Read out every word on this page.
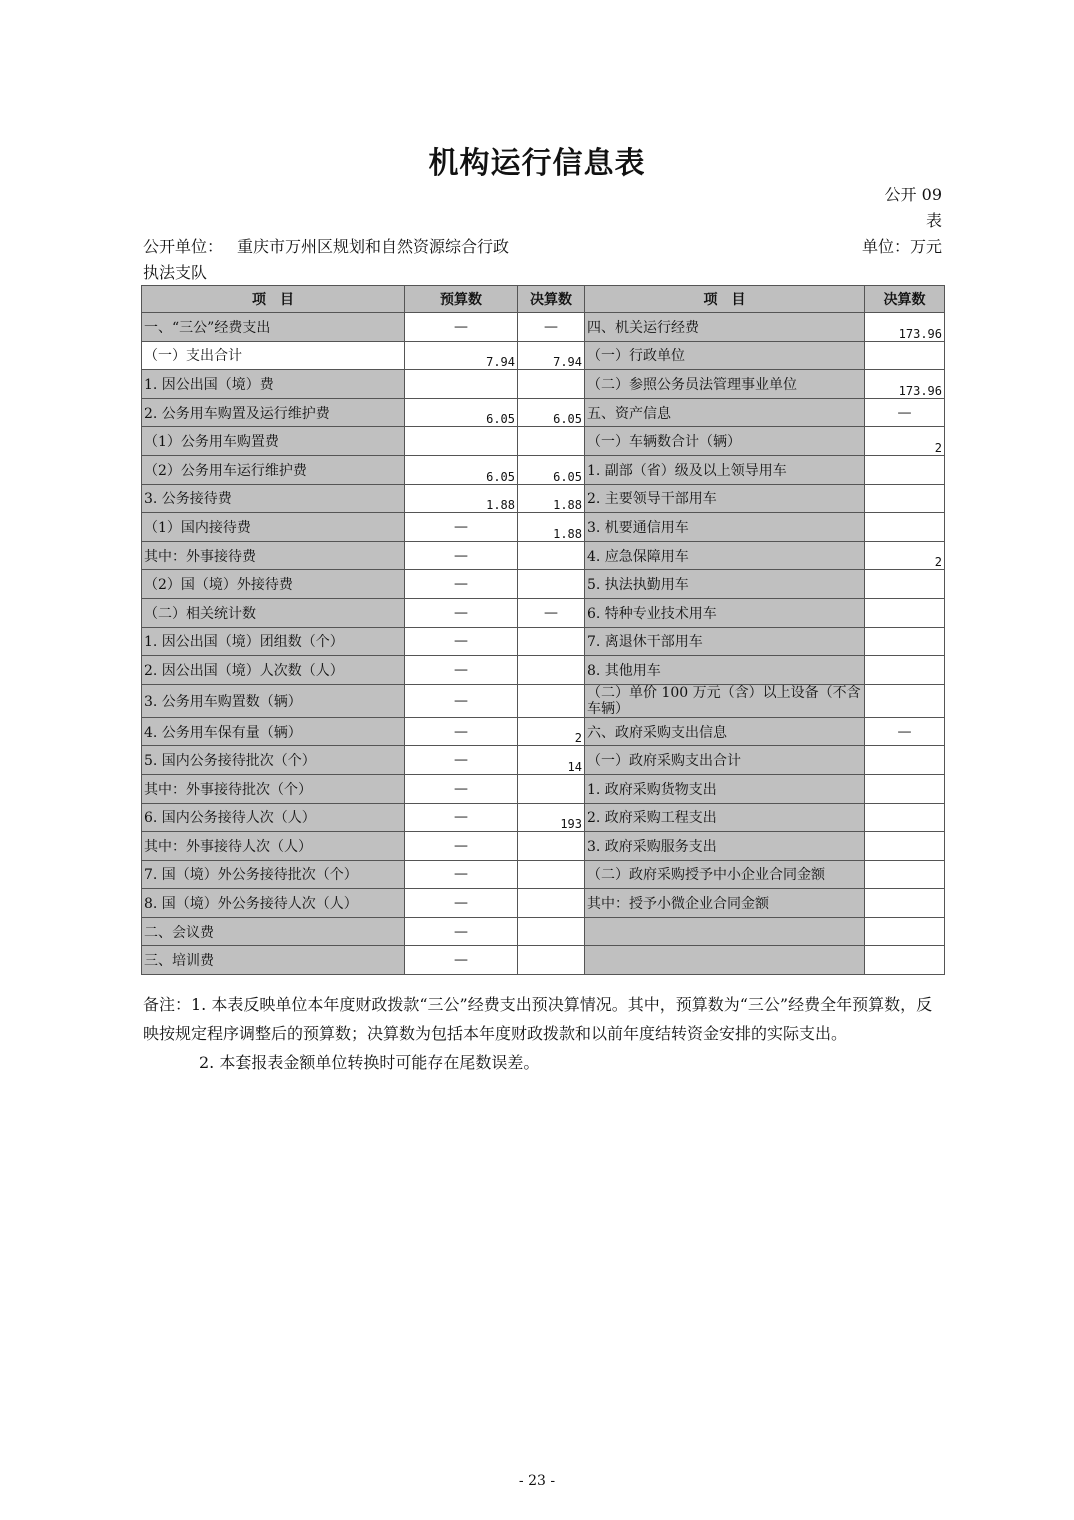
机构运行信息表
公开 09 表
单位：万元
公开单位： 重庆市万州区规划和自然资源综合行政执法支队
项　目	预算数	决算数	项　目	决算数
一、“三公”经费支出	—	—	四、机关运行经费	173.96
（一）支出合计	7.94	7.94	（一）行政单位	
1. 因公出国（境）费			（二）参照公务员法管理事业单位	173.96
2. 公务用车购置及运行维护费	6.05	6.05	五、资产信息	—
（1）公务用车购置费			（一）车辆数合计（辆）	2
（2）公务用车运行维护费	6.05	6.05	1. 副部（省）级及以上领导用车	
3. 公务接待费	1.88	1.88	2. 主要领导干部用车	
（1）国内接待费	—	1.88	3. 机要通信用车	
其中：外事接待费	—		4. 应急保障用车	2
（2）国（境）外接待费	—		5. 执法执勤用车	
（二）相关统计数	—	—	6. 特种专业技术用车	
1. 因公出国（境）团组数（个）	—		7. 离退休干部用车	
2. 因公出国（境）人次数（人）	—		8. 其他用车	
3. 公务用车购置数（辆）	—		（二）单价 100 万元（含）以上设备（不含车辆）	
4. 公务用车保有量（辆）	—	2	六、政府采购支出信息	—
5. 国内公务接待批次（个）	—	14	（一）政府采购支出合计	
其中：外事接待批次（个）	—		1. 政府采购货物支出	
6. 国内公务接待人次（人）	—	193	2. 政府采购工程支出	
其中：外事接待人次（人）	—		3. 政府采购服务支出	
7. 国（境）外公务接待批次（个）	—		（二）政府采购授予中小企业合同金额	
8. 国（境）外公务接待人次（人）	—		其中：授予小微企业合同金额	
二、会议费	—			
三、培训费	—			

备注：1. 本表反映单位本年度财政拨款“三公”经费支出预决算情况。其中，预算数为“三公”经费全年预算数，反映按规定程序调整后的预算数；决算数为包括本年度财政拨款和以前年度结转资金安排的实际支出。

2. 本套报表金额单位转换时可能存在尾数误差。

- 23 -
